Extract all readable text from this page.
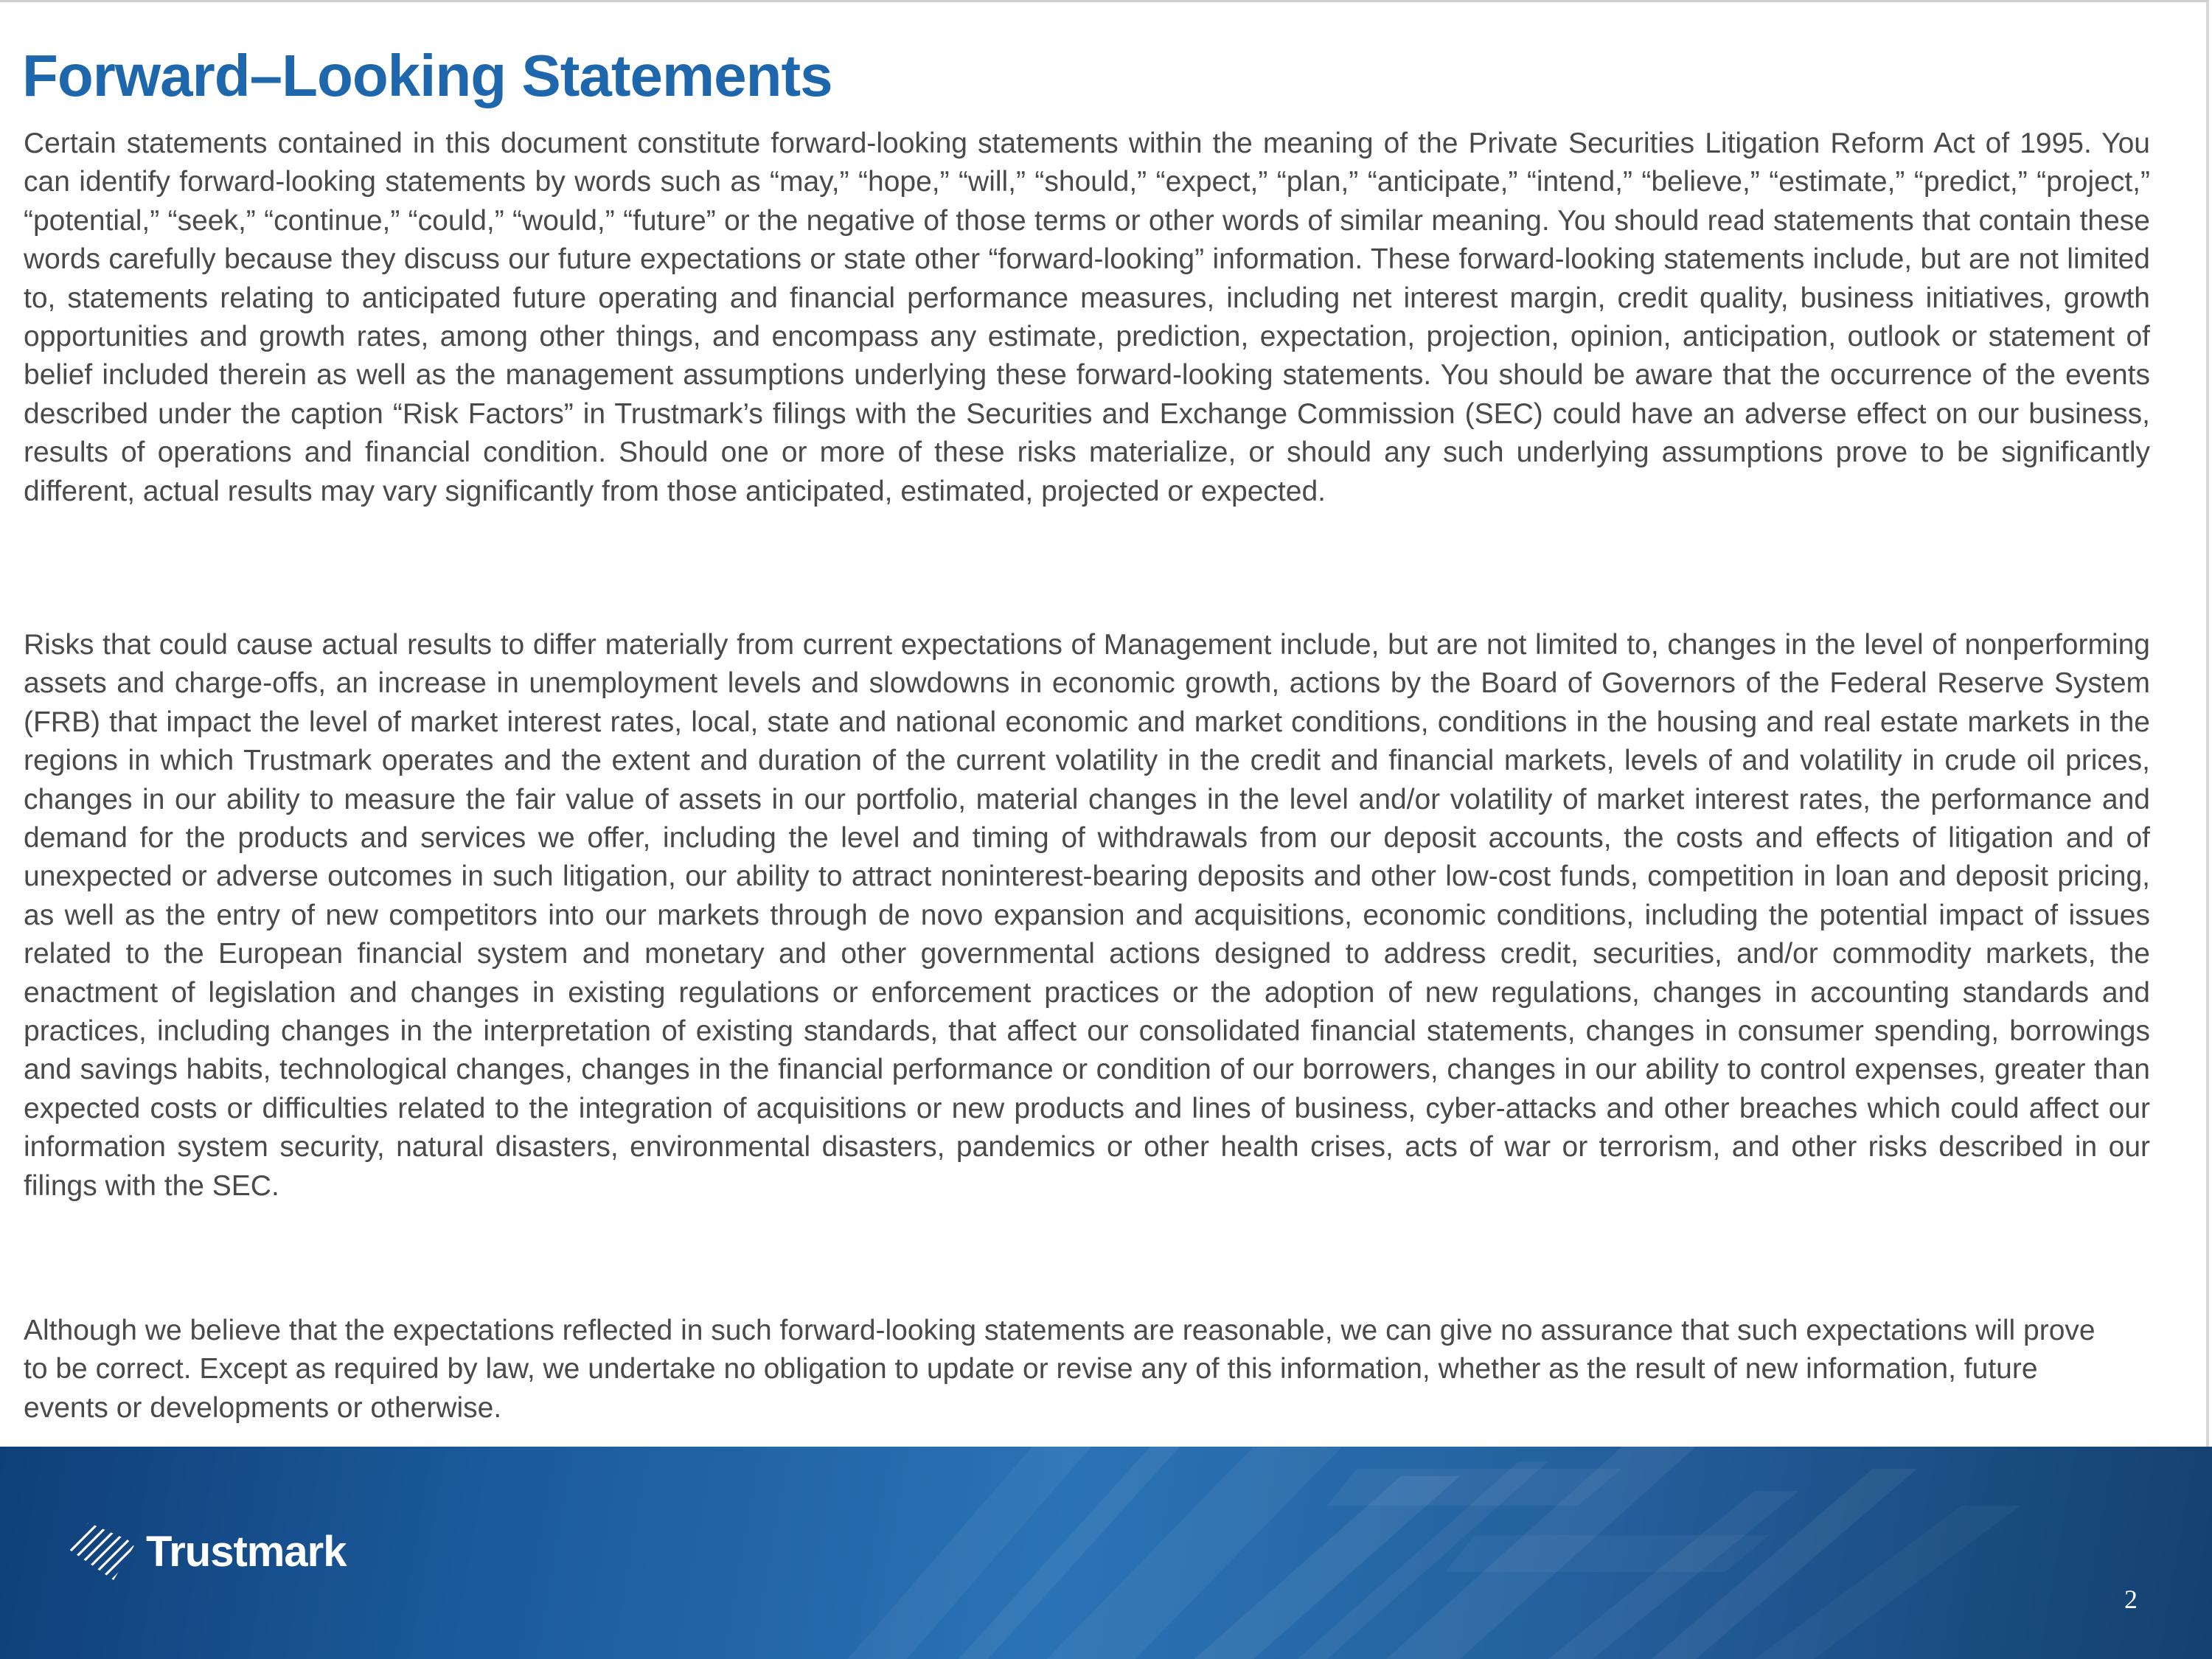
Forward–Looking Statements

Certain statements contained in this document constitute forward-looking statements within the meaning of the Private Securities Litigation Reform Act of 1995. You can identify forward-looking statements by words such as “may,” “hope,” “will,” “should,” “expect,” “plan,” “anticipate,” “intend,” “believe,” “estimate,” “predict,” “project,” “potential,” “seek,” “continue,” “could,” “would,” “future” or the negative of those terms or other words of similar meaning. You should read statements that contain these words carefully because they discuss our future expectations or state other “forward-looking” information. These forward-looking statements include, but are not limited to, statements relating to anticipated future operating and financial performance measures, including net interest margin, credit quality, business initiatives, growth opportunities and growth rates, among other things, and encompass any estimate, prediction, expectation, projection, opinion, anticipation, outlook or statement of belief included therein as well as the management assumptions underlying these forward-looking statements. You should be aware that the occurrence of the events described under the caption “Risk Factors” in Trustmark’s filings with the Securities and Exchange Commission (SEC) could have an adverse effect on our business, results of operations and financial condition. Should one or more of these risks materialize, or should any such underlying assumptions prove to be significantly different, actual results may vary significantly from those anticipated, estimated, projected or expected.

Risks that could cause actual results to differ materially from current expectations of Management include, but are not limited to, changes in the level of nonperforming assets and charge-offs, an increase in unemployment levels and slowdowns in economic growth, actions by the Board of Governors of the Federal Reserve System (FRB) that impact the level of market interest rates, local, state and national economic and market conditions, conditions in the housing and real estate markets in the regions in which Trustmark operates and the extent and duration of the current volatility in the credit and financial markets, levels of and volatility in crude oil prices, changes in our ability to measure the fair value of assets in our portfolio, material changes in the level and/or volatility of market interest rates, the performance and demand for the products and services we offer, including the level and timing of withdrawals from our deposit accounts, the costs and effects of litigation and of unexpected or adverse outcomes in such litigation, our ability to attract noninterest-bearing deposits and other low-cost funds, competition in loan and deposit pricing, as well as the entry of new competitors into our markets through de novo expansion and acquisitions, economic conditions, including the potential impact of issues related to the European financial system and monetary and other governmental actions designed to address credit, securities, and/or commodity markets, the enactment of legislation and changes in existing regulations or enforcement practices or the adoption of new regulations, changes in accounting standards and practices, including changes in the interpretation of existing standards, that affect our consolidated financial statements, changes in consumer spending, borrowings and savings habits, technological changes, changes in the financial performance or condition of our borrowers, changes in our ability to control expenses, greater than expected costs or difficulties related to the integration of acquisitions or new products and lines of business, cyber-attacks and other breaches which could affect our information system security, natural disasters, environmental disasters, pandemics or other health crises, acts of war or terrorism, and other risks described in our filings with the SEC.

Although we believe that the expectations reflected in such forward-looking statements are reasonable, we can give no assurance that such expectations will prove to be correct. Except as required by law, we undertake no obligation to update or revise any of this information, whether as the result of new information, future events or developments or otherwise.

Trustmark
2
